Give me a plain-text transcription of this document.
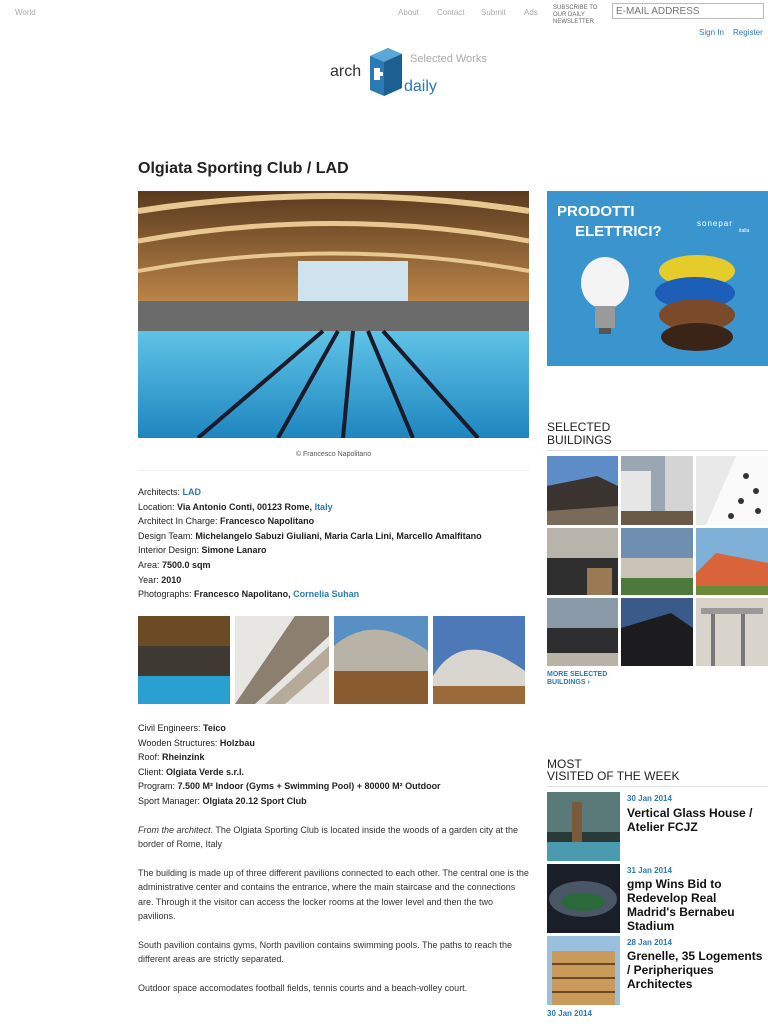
World	About Contact Submit Ads	SUBSCRIBE TO OUR DAILY NEWSLETTER
E-MAIL ADDRESS
Sign In Register
arch
daily
Selected Works
Olgiata Sporting Club / LAD
© Francesco Napolitano
Architects: LAD
Location: Via Antonio Conti, 00123 Rome, Italy
Architect In Charge: Francesco Napolitano
Design Team: Michelangelo Sabuzi Giuliani, Maria Carla Lini, Marcello Amalfitano
Interior Design: Simone Lanaro
Area: 7500.0 sqm
Year: 2010
Photographs: Francesco Napolitano, Cornelia Suhan
Civil Engineers: Teico
Wooden Structures: Holzbau
Roof: Rheinzink
Client: Olgiata Verde s.r.l.
Program: 7.500 M² Indoor (Gyms + Swimming Pool) + 80000 M² Outdoor
Sport Manager: Olgiata 20.12 Sport Club
From the architect. The Olgiata Sporting Club is located inside the woods of a garden city at the border of Rome, Italy
The building is made up of three different pavilions connected to each other. The central one is the administrative center and contains the entrance, where the main staircase and the connections are. Through it the visitor can access the locker rooms at the lower level and then the two pavilions.
South pavilion contains gyms, North pavilion contains swimming pools. The paths to reach the different areas are strictly separated.
Outdoor space accomodates football fields, tennis courts and a beach-volley court.
PRODOTTI
ELETTRICI?	sonepar
italia
SELECTED
BUILDINGS
MORE SELECTED
BUILDINGS ›
MOST
VISITED OF THE WEEK
30 Jan 2014
Vertical Glass House / Atelier FCJZ
31 Jan 2014
gmp Wins Bid to Redevelop Real Madrid's Bernabeu Stadium
28 Jan 2014
Grenelle, 35 Logements / Peripheriques Architectes
30 Jan 2014
